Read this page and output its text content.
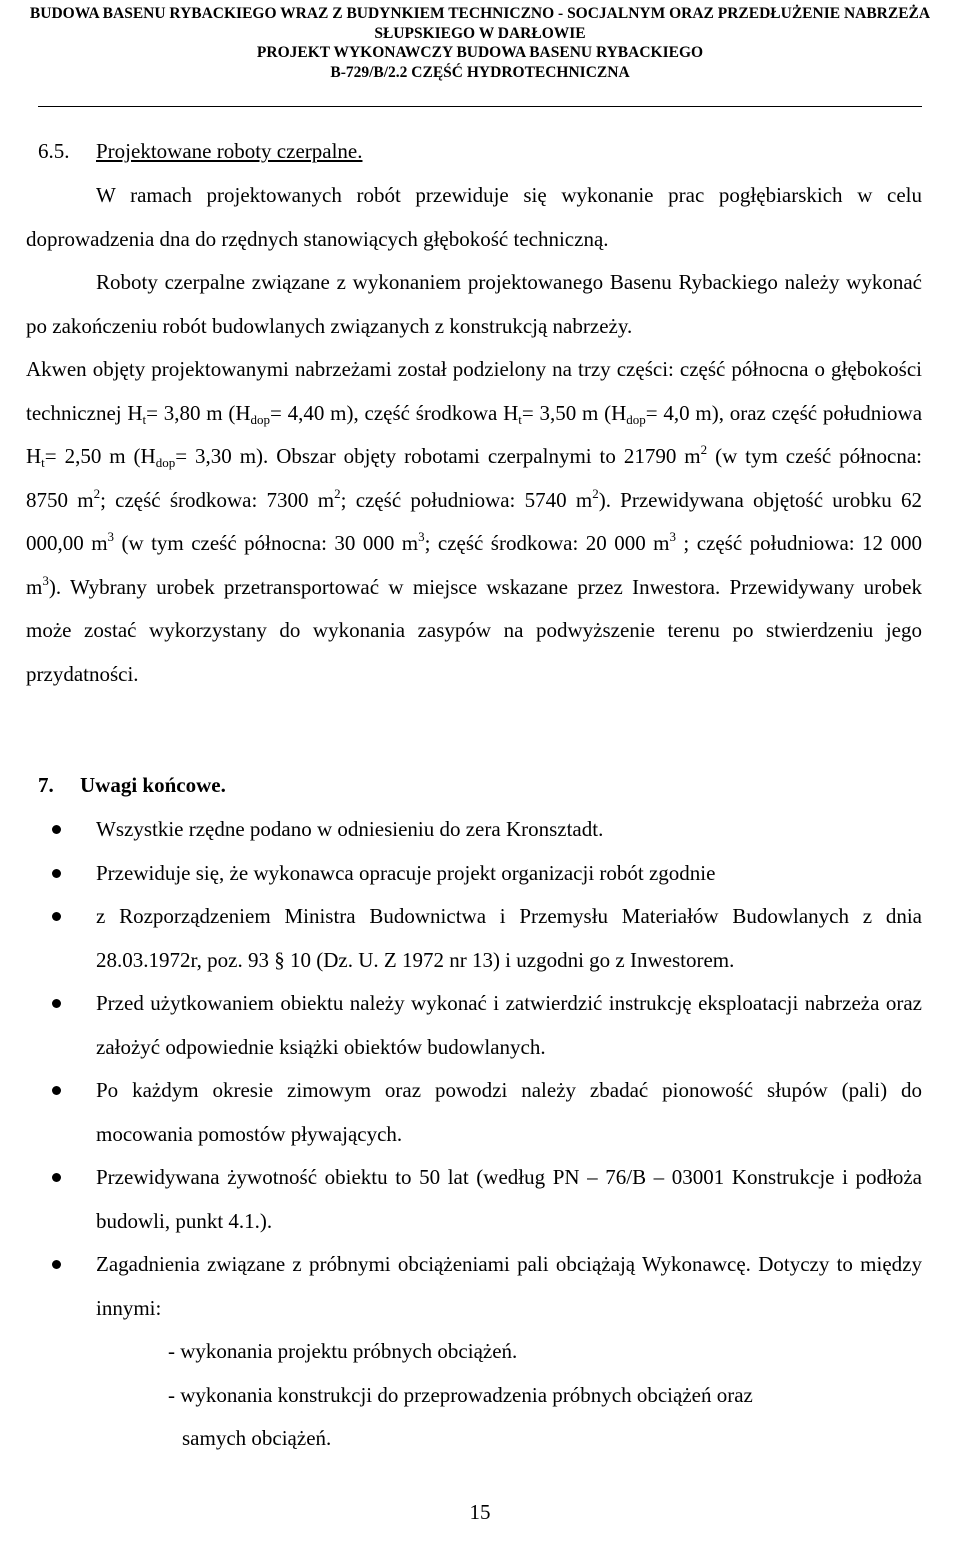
BUDOWA BASENU RYBACKIEGO WRAZ Z BUDYNKIEM TECHNICZNO - SOCJALNYM ORAZ PRZEDŁUŻENIE NABRZEŻA
SŁUPSKIEGO W DARŁOWIE
PROJEKT WYKONAWCZY BUDOWA BASENU RYBACKIEGO
B-729/B/2.2 CZĘŚĆ HYDROTECHNICZNA
6.5. Projektowane roboty czerpalne.

W ramach projektowanych robót przewiduje się wykonanie prac pogłębiarskich w celu doprowadzenia dna do rzędnych stanowiących głębokość techniczną.

Roboty czerpalne związane z wykonaniem projektowanego Basenu Rybackiego należy wykonać po zakończeniu robót budowlanych związanych z konstrukcją nabrzeży.

Akwen objęty projektowanymi nabrzeżami został podzielony na trzy części: część północna o głębokości technicznej $H_t= 3,80$ m ($H_{dop}= 4,40$ m), część środkowa $H_t= 3,50$ m ($H_{dop}= 4,0$ m), oraz część południowa $H_t= 2,50$ m ($H_{dop}= 3,30$ m). Obszar objęty robotami czerpalnymi to 21790 $m^2$ (w tym cześć północna: 8750 $m^2$; część środkowa: 7300 $m^2$; część południowa: 5740 $m^2$). Przewidywana objętość urobku 62 000,00 $m^3$ (w tym cześć północna: 30 000 $m^3$; część środkowa: 20 000 $m^3$ ; część południowa: 12 000 $m^3$). Wybrany urobek przetransportować w miejsce wskazane przez Inwestora. Przewidywany urobek może zostać wykorzystany do wykonania zasypów na podwyższenie terenu po stwierdzeniu jego przydatności.

7. Uwagi końcowe.
Wszystkie rzędne podano w odniesieniu do zera Kronsztadt.
Przewiduje się, że wykonawca opracuje projekt organizacji robót zgodnie
z Rozporządzeniem Ministra Budownictwa i Przemysłu Materiałów Budowlanych z dnia 28.03.1972r, poz. 93 § 10 (Dz. U. Z 1972 nr 13) i uzgodni go z Inwestorem.
Przed użytkowaniem obiektu należy wykonać i zatwierdzić instrukcję eksploatacji nabrzeża oraz założyć odpowiednie książki obiektów budowlanych.
Po każdym okresie zimowym oraz powodzi należy zbadać pionowość słupów (pali) do mocowania pomostów pływających.
Przewidywana żywotność obiektu to 50 lat (według PN – 76/B – 03001 Konstrukcje i podłoża budowli, punkt 4.1.).
Zagadnienia związane z próbnymi obciążeniami pali obciążają Wykonawcę. Dotyczy to między innymi:
- wykonania projektu próbnych obciążeń.
- wykonania konstrukcji do przeprowadzenia próbnych obciążeń oraz
samych obciążeń.
15
